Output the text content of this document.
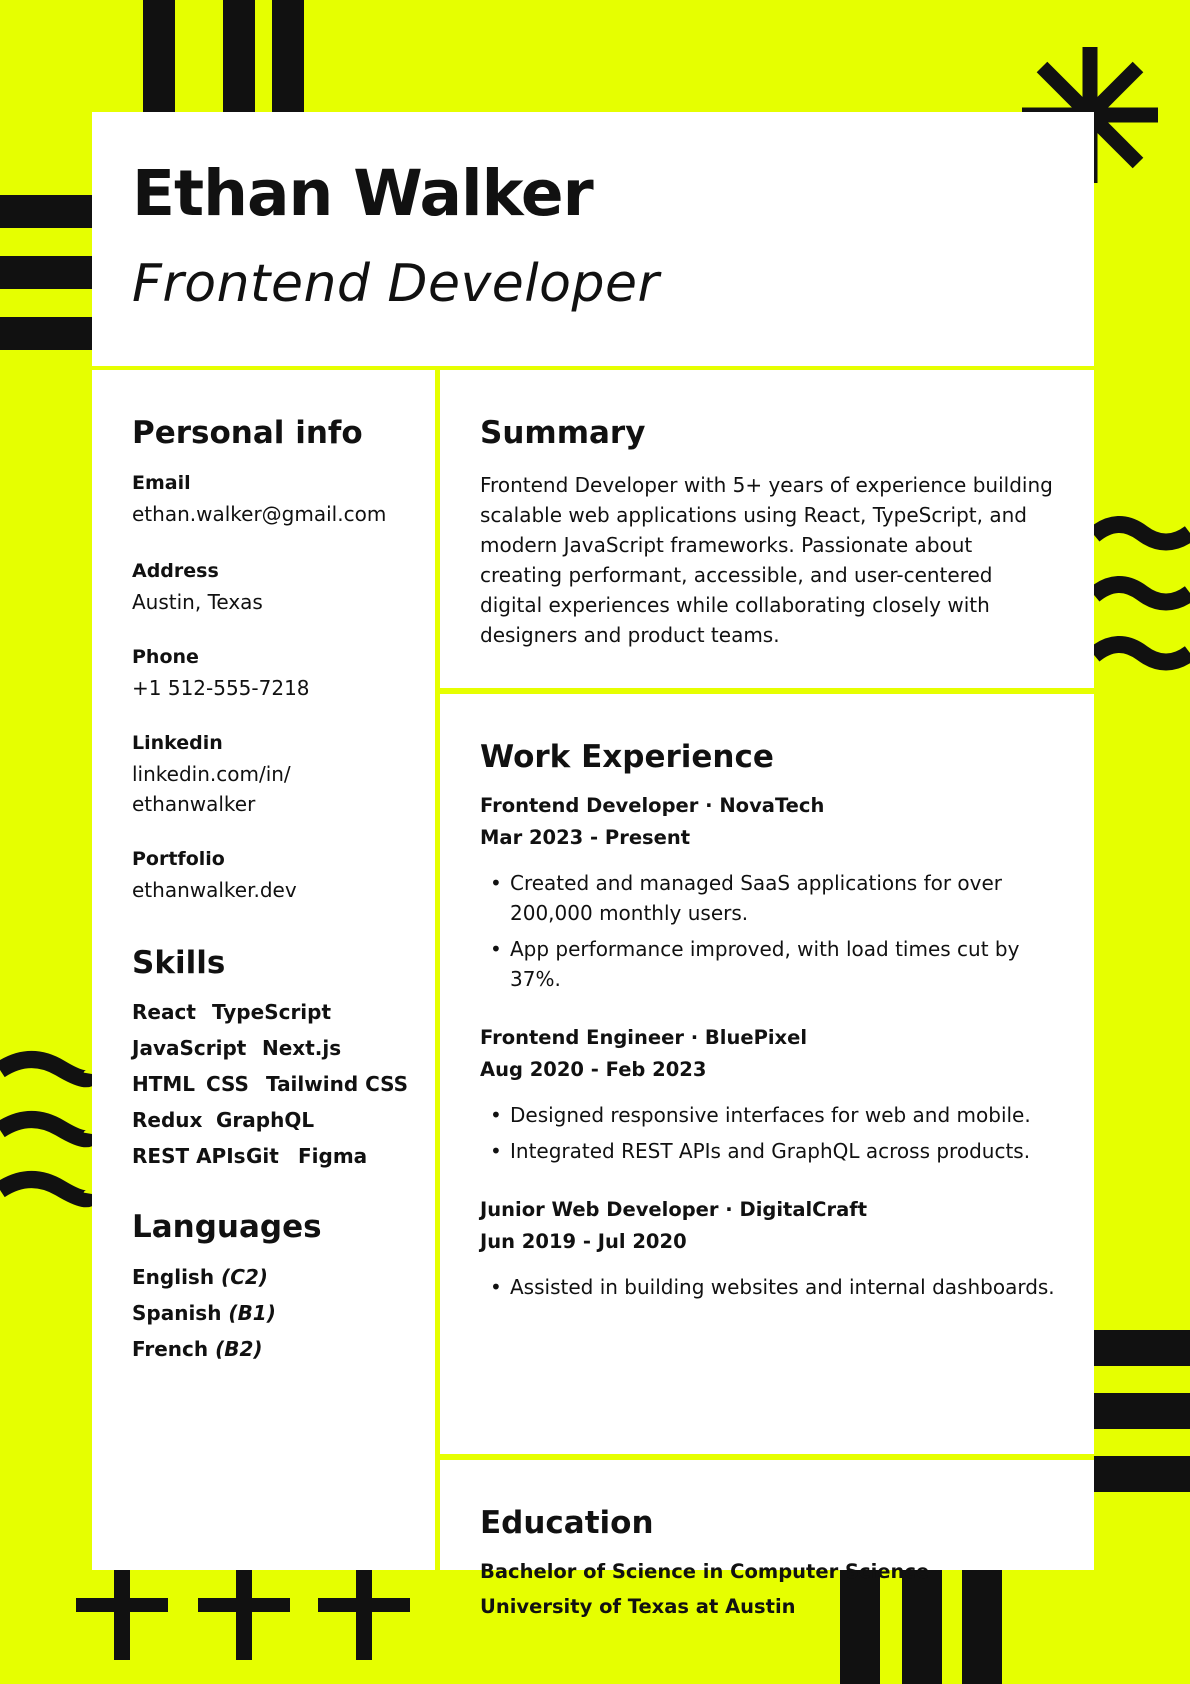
Ethan Walker
Frontend Developer
Personal info
Email
ethan.walker@gmail.com
Address
Austin, Texas
Phone
+1 512-555-7218
Linkedin
linkedin.com/in/
ethanwalker
Portfolio
ethanwalker.dev
Skills
React TypeScript
JavaScript Next.js
HTML CSS Tailwind CSS
Redux GraphQL
REST APIs Git Figma
Languages
English (C2)
Spanish (B1)
French (B2)
Summary
Frontend Developer with 5+ years of experience building
scalable web applications using React, TypeScript, and
modern JavaScript frameworks. Passionate about
creating performant, accessible, and user-centered
digital experiences while collaborating closely with
designers and product teams.
Work Experience
Frontend Developer · NovaTech
Mar 2023 - Present
• Created and managed SaaS applications for over
200,000 monthly users.
• App performance improved, with load times cut by
37%.
Frontend Engineer · BluePixel
Aug 2020 - Feb 2023
• Designed responsive interfaces for web and mobile.
• Integrated REST APIs and GraphQL across products.
Junior Web Developer · DigitalCraft
Jun 2019 - Jul 2020
• Assisted in building websites and internal dashboards.
Education
Bachelor of Science in Computer Science
University of Texas at Austin
